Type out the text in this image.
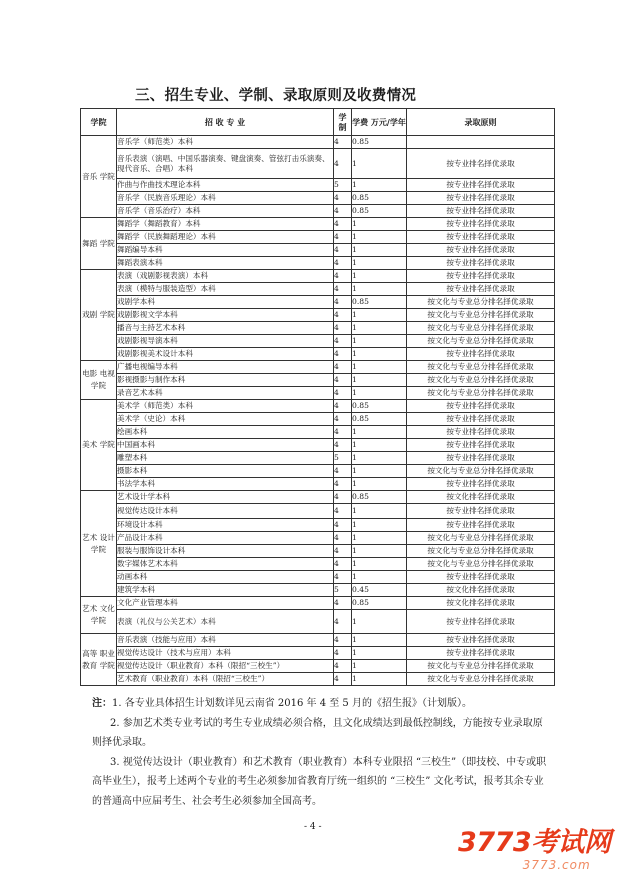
三、招生专业、学制、录取原则及收费情况
学院	招 收 专 业	学 制	学费 万元/学年	录取原则
音乐 学院	音乐学（师范类）本科	4	0.85	
	音乐表演（演唱、中国乐器演奏、键盘演奏、管弦打击乐演奏、现代音乐、合唱）本科	4	1	按专业排名择优录取
	作曲与作曲技术理论本科	5	1	按专业排名择优录取
	音乐学（民族音乐理论）本科	4	0.85	按专业排名择优录取
	音乐学（音乐治疗）本科	4	0.85	按专业排名择优录取
舞蹈 学院	舞蹈学（舞蹈教育）本科	4	1	按专业排名择优录取
	舞蹈学（民族舞蹈理论）本科	4	1	按专业排名择优录取
	舞蹈编导本科	4	1	按专业排名择优录取
	舞蹈表演本科	4	1	按专业排名择优录取
戏剧 学院	表演（戏剧影视表演）本科	4	1	按专业排名择优录取
	表演（模特与服装造型）本科	4	1	按专业排名择优录取
	戏剧学本科	4	0.85	按文化与专业总分排名择优录取
	戏剧影视文学本科	4	1	按文化与专业总分排名择优录取
	播音与主持艺术本科	4	1	按文化与专业总分排名择优录取
	戏剧影视导演本科	4	1	按文化与专业总分排名择优录取
	戏剧影视美术设计本科	4	1	按专业排名择优录取
电影 电视 学院	广播电视编导本科	4	1	按文化与专业总分排名择优录取
	影视摄影与制作本科	4	1	按文化与专业总分排名择优录取
	录音艺术本科	4	1	按文化与专业总分排名择优录取
美术 学院	美术学（师范类）本科	4	0.85	按专业排名择优录取
	美术学（史论）本科	4	0.85	按专业排名择优录取
	绘画本科	4	1	按专业排名择优录取
	中国画本科	4	1	按专业排名择优录取
	雕塑本科	5	1	按专业排名择优录取
	摄影本科	4	1	按文化与专业总分排名择优录取
	书法学本科	4	1	按专业排名择优录取
艺术 设计 学院	艺术设计学本科	4	0.85	按文化排名择优录取
	视觉传达设计本科	4	1	按专业排名择优录取
	环境设计本科	4	1	按专业排名择优录取
	产品设计本科	4	1	按文化与专业总分排名择优录取
	服装与服饰设计本科	4	1	按文化与专业总分排名择优录取
	数字媒体艺术本科	4	1	按文化与专业总分排名择优录取
	动画本科	4	1	按专业排名择优录取
	建筑学本科	5	0.45	按文化排名择优录取
艺术 文化 学院	文化产业管理本科	4	0.85	按文化排名择优录取
	表演（礼仪与公关艺术）本科	4	1	按专业排名择优录取
高等 职业 教育 学院	音乐表演（技能与应用）本科	4	1	按专业排名择优录取
	视觉传达设计（技术与应用）本科	4	1	按专业排名择优录取
	视觉传达设计（职业教育）本科（限招“三校生”）	4	1	按文化与专业总分排名择优录取
	艺术教育（职业教育）本科（限招“三校生”）	4	1	按文化与专业总分排名择优录取

注：1. 各专业具体招生计划数详见云南省 2016 年 4 至 5 月的《招生报》（计划版）。

2. 参加艺术类专业考试的考生专业成绩必须合格，且文化成绩达到最低控制线，方能按专业录取原则择优录取。

3. 视觉传达设计（职业教育）和艺术教育（职业教育）本科专业限招 “三校生”（即技校、中专或职高毕业生），报考上述两个专业的考生必须参加省教育厅统一组织的 “三校生” 文化考试，报考其余专业的普通高中应届考生、社会考生必须参加全国高考。

- 4 -	3773考试网
3773.com
